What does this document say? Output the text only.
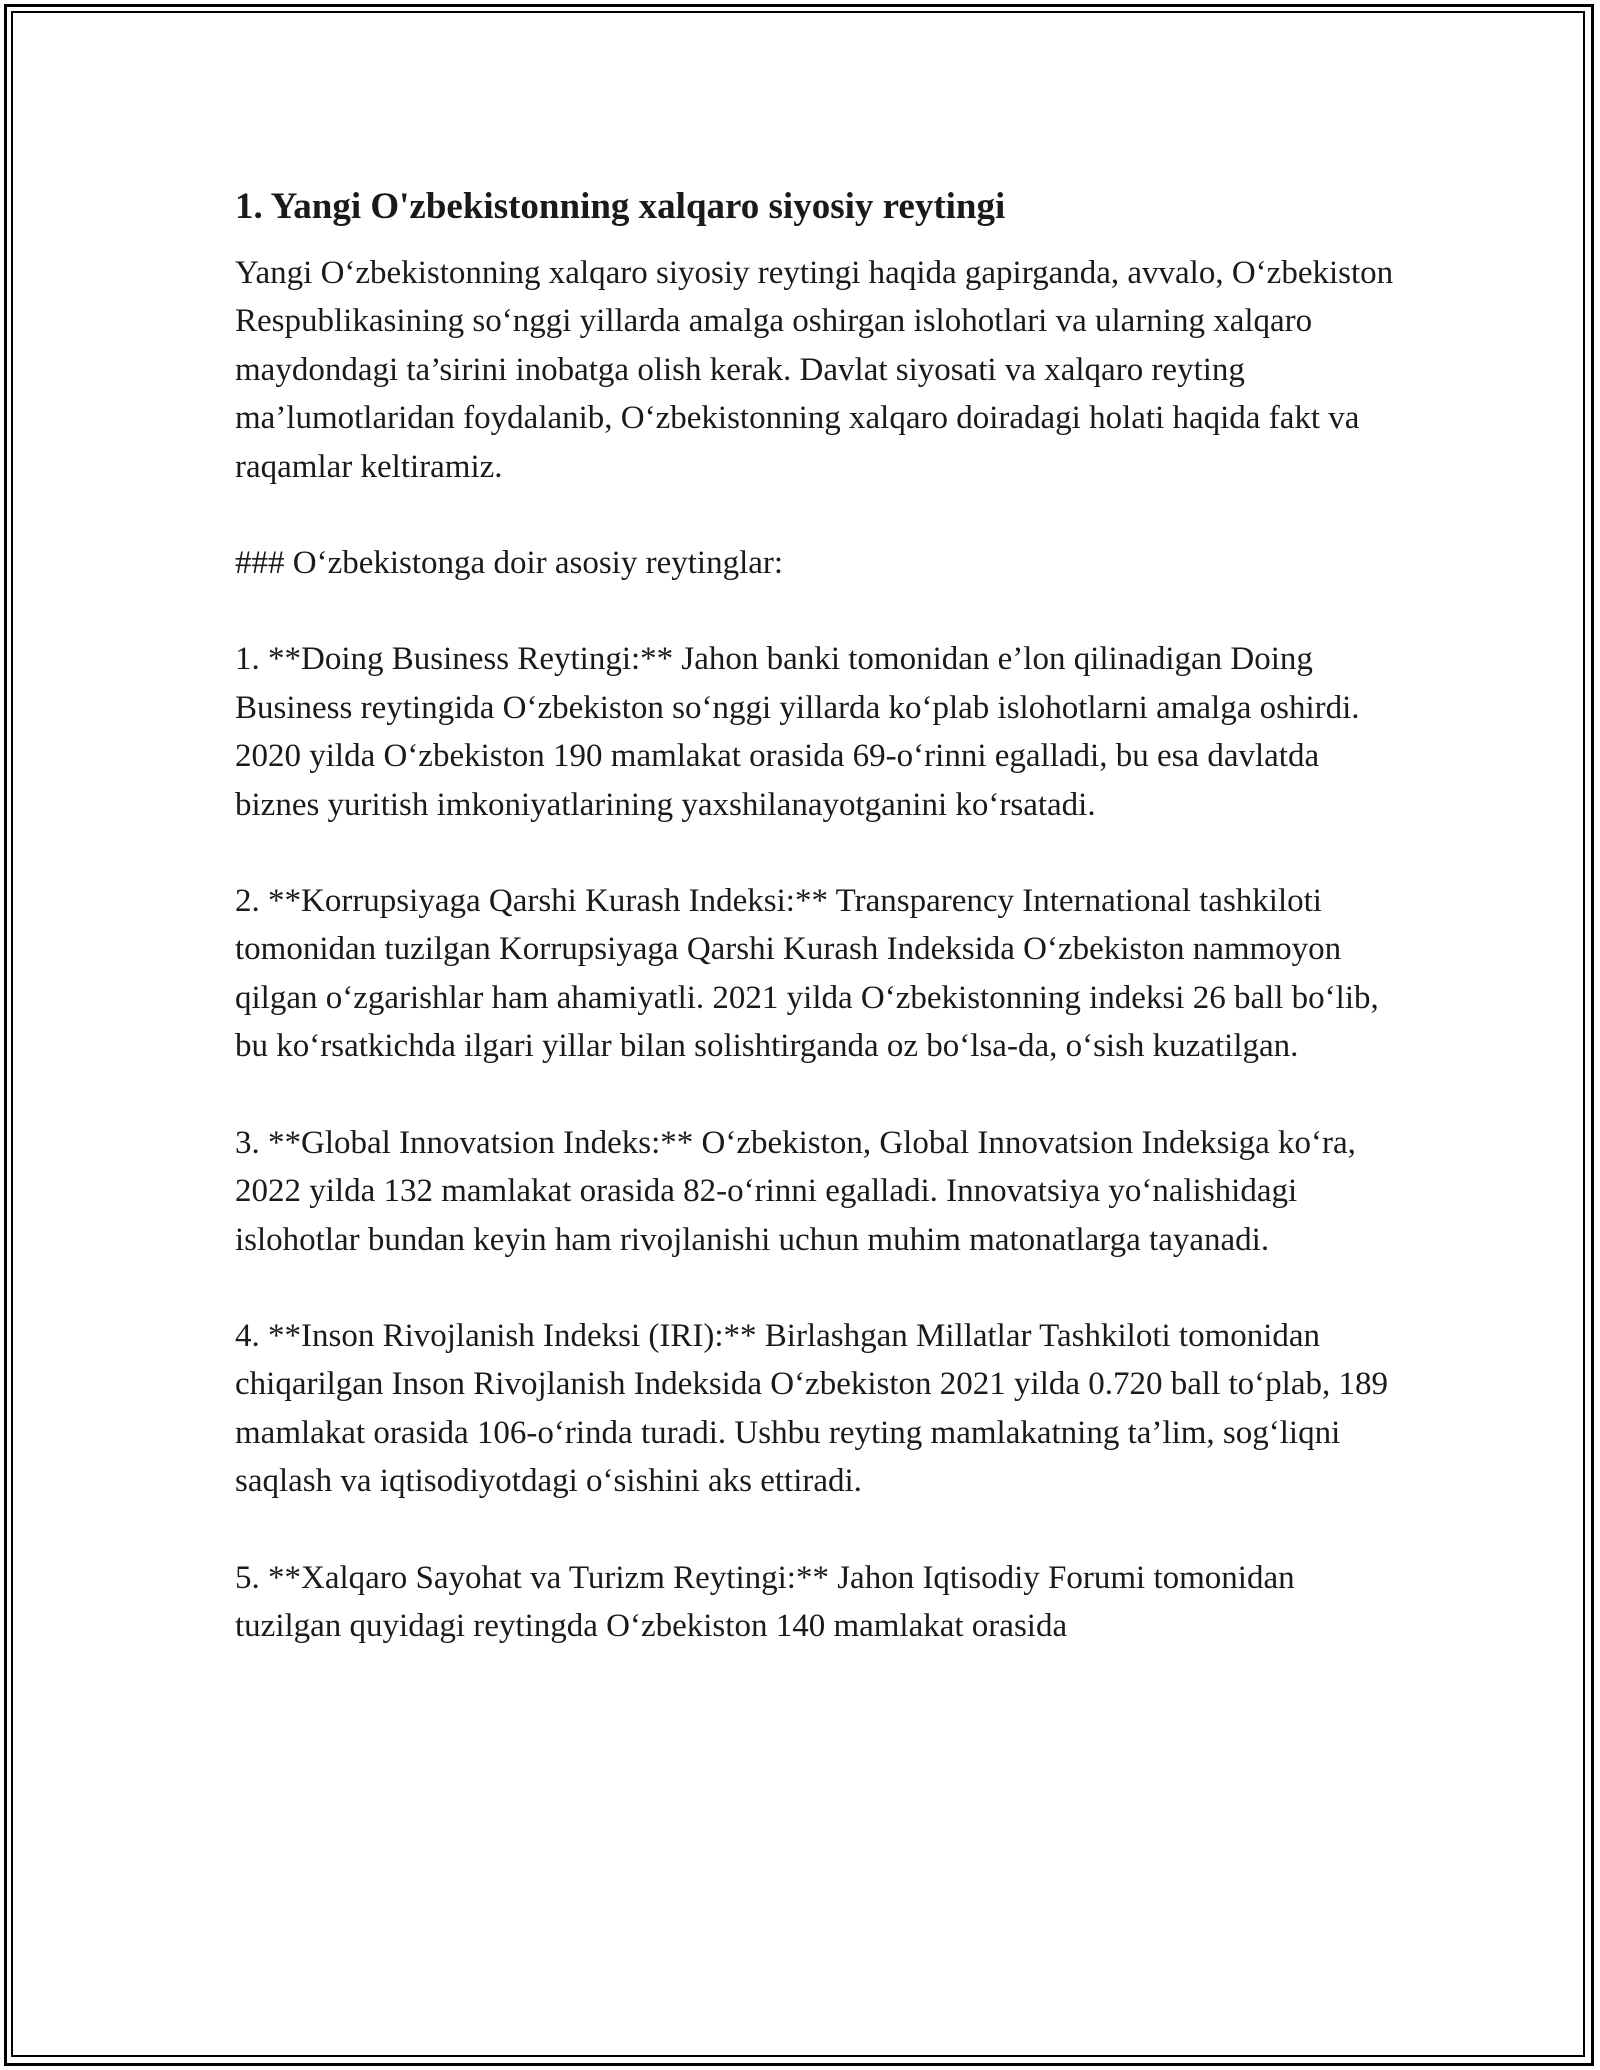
1. Yangi O'zbekistonning xalqaro siyosiy reytingi

Yangi O‘zbekistonning xalqaro siyosiy reytingi haqida gapirganda, avvalo, O‘zbekiston Respublikasining so‘nggi yillarda amalga oshirgan islohotlari va ularning xalqaro maydondagi ta’sirini inobatga olish kerak. Davlat siyosati va xalqaro reyting ma’lumotlaridan foydalanib, O‘zbekistonning xalqaro doiradagi holati haqida fakt va raqamlar keltiramiz.

### O‘zbekistonga doir asosiy reytinglar:

1. **Doing Business Reytingi:** Jahon banki tomonidan e’lon qilinadigan Doing Business reytingida O‘zbekiston so‘nggi yillarda ko‘plab islohotlarni amalga oshirdi. 2020 yilda O‘zbekiston 190 mamlakat orasida 69-o‘rinni egalladi, bu esa davlatda biznes yuritish imkoniyatlarining yaxshilanayotganini ko‘rsatadi.

2. **Korrupsiyaga Qarshi Kurash Indeksi:** Transparency International tashkiloti tomonidan tuzilgan Korrupsiyaga Qarshi Kurash Indeksida O‘zbekiston nammoyon qilgan o‘zgarishlar ham ahamiyatli. 2021 yilda O‘zbekistonning indeksi 26 ball bo‘lib, bu ko‘rsatkichda ilgari yillar bilan solishtirganda oz bo‘lsa-da, o‘sish kuzatilgan.

3. **Global Innovatsion Indeks:** O‘zbekiston, Global Innovatsion Indeksiga ko‘ra, 2022 yilda 132 mamlakat orasida 82-o‘rinni egalladi. Innovatsiya yo‘nalishidagi islohotlar bundan keyin ham rivojlanishi uchun muhim matonatlarga tayanadi.

4. **Inson Rivojlanish Indeksi (IRI):** Birlashgan Millatlar Tashkiloti tomonidan chiqarilgan Inson Rivojlanish Indeksida O‘zbekiston 2021 yilda 0.720 ball to‘plab, 189 mamlakat orasida 106-o‘rinda turadi. Ushbu reyting mamlakatning ta’lim, sog‘liqni saqlash va iqtisodiyotdagi o‘sishini aks ettiradi.

5. **Xalqaro Sayohat va Turizm Reytingi:** Jahon Iqtisodiy Forumi tomonidan tuzilgan quyidagi reytingda O‘zbekiston 140 mamlakat orasida
